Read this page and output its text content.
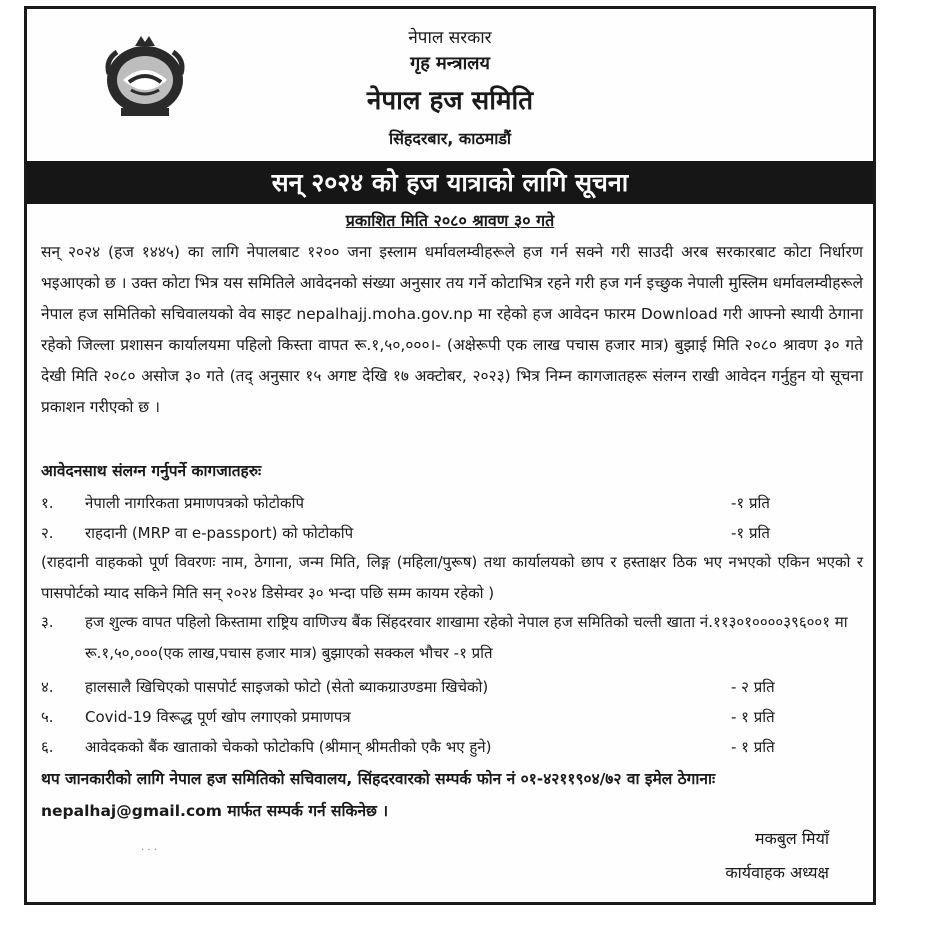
नेपाल सरकार
गृह मन्त्रालय
नेपाल हज समिति
सिंहदरबार, काठमाडौं
सन् २०२४ को हज यात्राको लागि सूचना
प्रकाशित मिति २०८० श्रावण ३० गते
सन् २०२४ (हज १४४५) का लागि नेपालबाट १२०० जना इस्लाम धर्मावलम्वीहरूले हज गर्न सक्ने गरी साउदी अरब सरकारबाट कोटा निर्धारण भइआएको छ । उक्त कोटा भित्र यस समितिले आवेदनको संख्या अनुसार तय गर्ने कोटाभित्र रहने गरी हज गर्न इच्छुक नेपाली मुस्लिम धर्मावलम्वीहरूले नेपाल हज समितिको सचिवालयको वेव साइट nepalhajj.moha.gov.np मा रहेको हज आवेदन फारम Download गरी आफ्नो स्थायी ठेगाना रहेको जिल्ला प्रशासन कार्यालयमा पहिलो किस्ता वापत रू.१,५०,०००।- (अक्षेरूपी एक लाख पचास हजार मात्र) बुझाई मिति २०८० श्रावण ३० गते देखी मिति २०८० असोज ३० गते (तद् अनुसार १५ अगष्ट देखि १७ अक्टोबर, २०२३) भित्र निम्न कागजातहरू संलग्न राखी आवेदन गर्नुहुन यो सूचना प्रकाशन गरीएको छ ।
आवेदनसाथ संलग्न गर्नुपर्ने कागजातहरुः
१. नेपाली नागरिकता प्रमाणपत्रको फोटोकपि	-१ प्रति
२. राहदानी (MRP वा e-passport) को फोटोकपि	-१ प्रति
(राहदानी वाहकको पूर्ण विवरणः नाम, ठेगाना, जन्म मिति, लिङ्ग (महिला/पुरूष) तथा कार्यालयको छाप र हस्ताक्षर ठिक भए नभएको एकिन भएको र पासपोर्टको म्याद सकिने मिति सन् २०२४ डिसेम्वर ३० भन्दा पछि सम्म कायम रहेको )
३. हज शुल्क वापत पहिलो किस्तामा राष्ट्रिय वाणिज्य बैंक सिंहदरवार शाखामा रहेको नेपाल हज समितिको चल्ती खाता नं.११३०१००००३९६००१ मा रू.१,५०,०००(एक लाख,पचास हजार मात्र) बुझाएको सक्कल भौचर -१ प्रति
४. हालसालै खिचिएको पासपोर्ट साइजको फोटो (सेतो ब्याकग्राउण्डमा खिचेको)	- २ प्रति
५. Covid-19 विरूद्ध पूर्ण खोप लगाएको प्रमाणपत्र	- १ प्रति
६. आवेदकको बैंक खाताको चेकको फोटोकपि (श्रीमान् श्रीमतीको एकै भए हुने)	- १ प्रति
थप जानकारीको लागि नेपाल हज समितिको सचिवालय, सिंहदरवारको सम्पर्क फोन नं ०१-४२११९०४/७२ वा इमेल ठेगानाः nepalhaj@gmail.com मार्फत सम्पर्क गर्न सकिनेछ ।
· · ·
मकबुल मियाँ
कार्यवाहक अध्यक्ष
